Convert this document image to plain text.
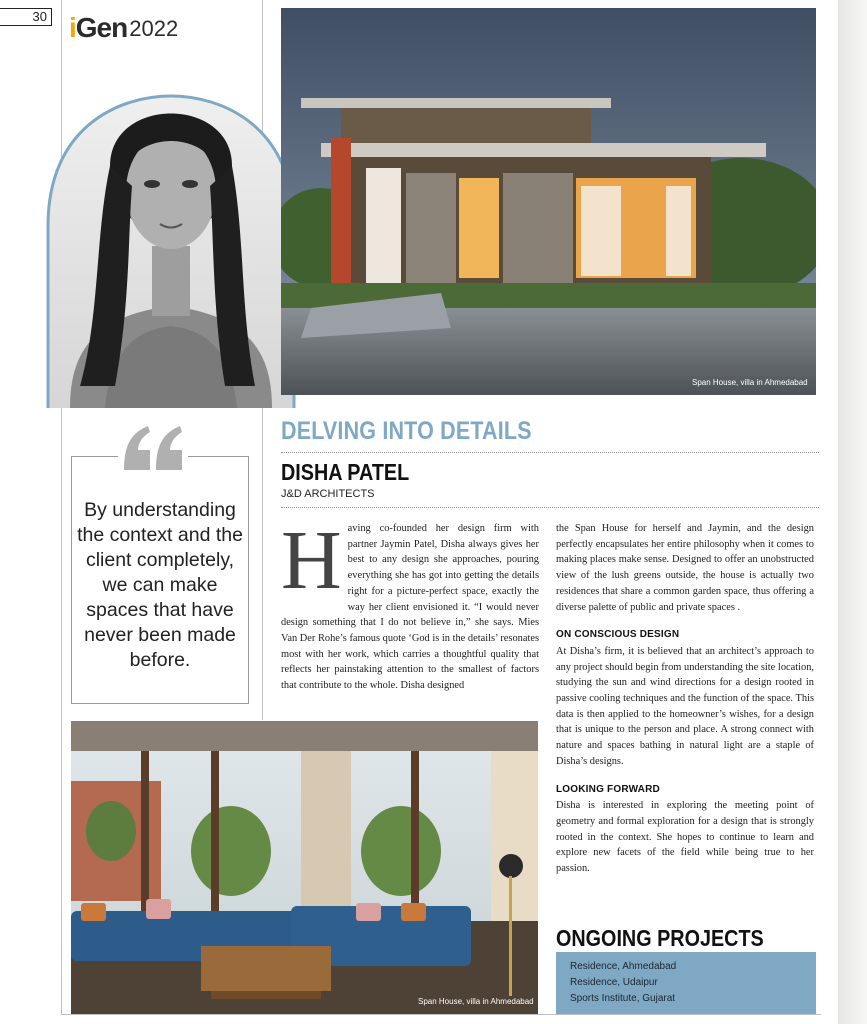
30 i Gen 2022
Span House, villa in Ahmedabad
DELVING INTO DETAILS
DISHA PATEL
J&D ARCHITECTS
By understanding the context and the client completely, we can make spaces that have never been made before.
Having co-founded her design firm with partner Jaymin Patel, Disha always gives her best to any design she approaches, pouring everything she has got into getting the details right for a picture-perfect space, exactly the way her client envisioned it. “I would never design something that I do not believe in,” she says. Mies Van Der Rohe’s famous quote ‘God is in the details’ resonates most with her work, which carries a thoughtful quality that reflects her painstaking attention to the smallest of factors that contribute to the whole. Disha designed
the Span House for herself and Jaymin, and the design perfectly encapsulates her entire philosophy when it comes to making places make sense. Designed to offer an unobstructed view of the lush greens outside, the house is actually two residences that share a common garden space, thus offering a diverse palette of public and private spaces .
ON CONSCIOUS DESIGN
At Disha’s firm, it is believed that an architect’s approach to any project should begin from understanding the site location, studying the sun and wind directions for a design rooted in passive cooling techniques and the function of the space. This data is then applied to the homeowner’s wishes, for a design that is unique to the person and place. A strong connect with nature and spaces bathing in natural light are a staple of Disha’s designs.
LOOKING FORWARD
Disha is interested in exploring the meeting point of geometry and formal exploration for a design that is strongly rooted in the context. She hopes to continue to learn and explore new facets of the field while being true to her passion.
Span House, villa in Ahmedabad
ONGOING PROJECTS
Residence, Ahmedabad
Residence, Udaipur
Sports Institute, Gujarat
